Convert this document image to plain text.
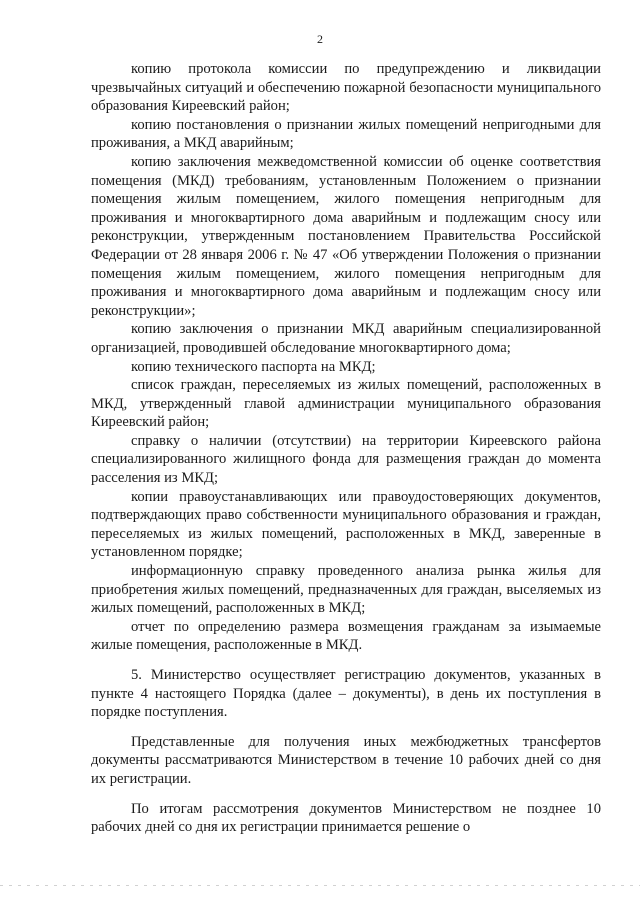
2

копию протокола комиссии по предупреждению и ликвидации чрезвычайных ситуаций и обеспечению пожарной безопасности муниципального образования Киреевский район;

копию постановления о признании жилых помещений непригодными для проживания, а МКД аварийным;

копию заключения межведомственной комиссии об оценке соответствия помещения (МКД) требованиям, установленным Положением о признании помещения жилым помещением, жилого помещения непригодным для проживания и многоквартирного дома аварийным и подлежащим сносу или реконструкции, утвержденным постановлением Правительства Российской Федерации от 28 января 2006 г. № 47 «Об утверждении Положения о признании помещения жилым помещением, жилого помещения непригодным для проживания и многоквартирного дома аварийным и подлежащим сносу или реконструкции»;

копию заключения о признании МКД аварийным специализированной организацией, проводившей обследование многоквартирного дома;

копию технического паспорта на МКД;

список граждан, переселяемых из жилых помещений, расположенных в МКД, утвержденный главой администрации муниципального образования Киреевский район;

справку о наличии (отсутствии) на территории Киреевского района специализированного жилищного фонда для размещения граждан до момента расселения из МКД;

копии правоустанавливающих или правоудостоверяющих документов, подтверждающих право собственности муниципального образования и граждан, переселяемых из жилых помещений, расположенных в МКД, заверенные в установленном порядке;

информационную справку проведенного анализа рынка жилья для приобретения жилых помещений, предназначенных для граждан, выселяемых из жилых помещений, расположенных в МКД;

отчет по определению размера возмещения гражданам за изымаемые жилые помещения, расположенные в МКД.

5. Министерство осуществляет регистрацию документов, указанных в пункте 4 настоящего Порядка (далее – документы), в день их поступления в порядке поступления.

Представленные для получения иных межбюджетных трансфертов документы рассматриваются Министерством в течение 10 рабочих дней со дня их регистрации.

По итогам рассмотрения документов Министерством не позднее 10 рабочих дней со дня их регистрации принимается решение о
